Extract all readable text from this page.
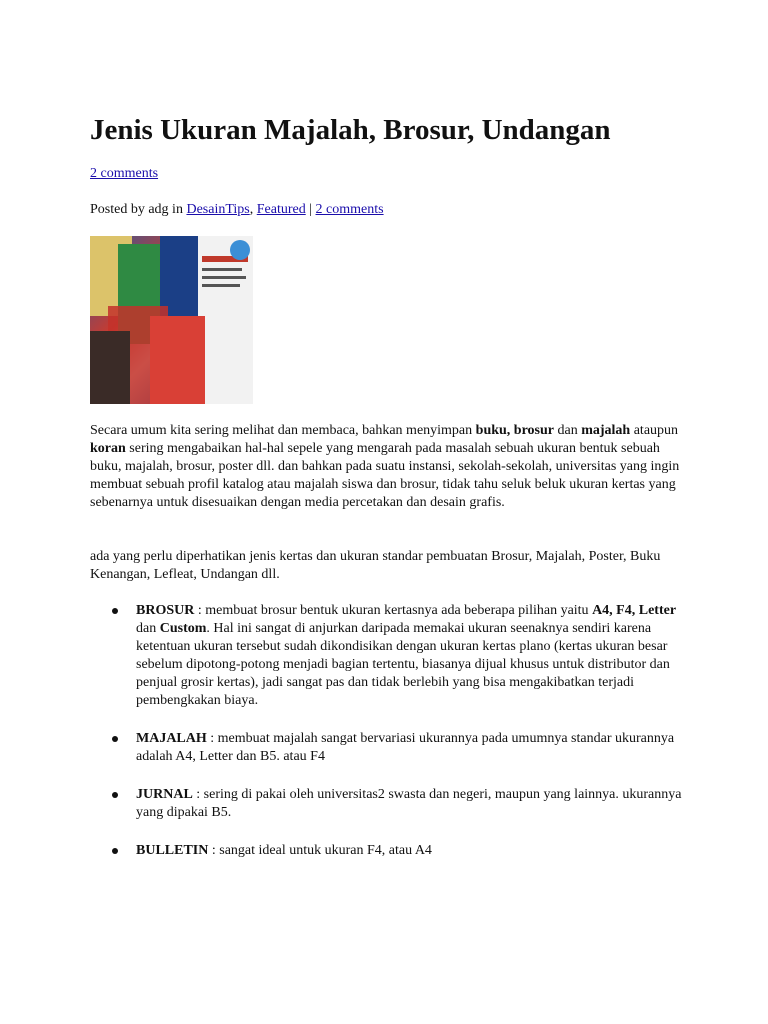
Jenis Ukuran Majalah, Brosur, Undangan
2 comments
Posted by adg in DesainTips, Featured | 2 comments

Secara umum kita sering melihat dan membaca, bahkan menyimpan buku, brosur dan majalah ataupun koran sering mengabaikan hal-hal sepele yang mengarah pada masalah sebuah ukuran bentuk sebuah buku, majalah, brosur, poster dll. dan bahkan pada suatu instansi, sekolah-sekolah, universitas yang ingin membuat sebuah profil katalog atau majalah siswa dan brosur, tidak tahu seluk beluk ukuran kertas yang sebenarnya untuk disesuaikan dengan media percetakan dan desain grafis.

ada yang perlu diperhatikan jenis kertas dan ukuran standar pembuatan Brosur, Majalah, Poster, Buku Kenangan, Lefleat, Undangan dll.

BROSUR : membuat brosur bentuk ukuran kertasnya ada beberapa pilihan yaitu A4, F4, Letter dan Custom. Hal ini sangat di anjurkan daripada memakai ukuran seenaknya sendiri karena ketentuan ukuran tersebut sudah dikondisikan dengan ukuran kertas plano (kertas ukuran besar sebelum dipotong-potong menjadi bagian tertentu, biasanya dijual khusus untuk distributor dan penjual grosir kertas), jadi sangat pas dan tidak berlebih yang bisa mengakibatkan terjadi pembengkakan biaya.
MAJALAH : membuat majalah sangat bervariasi ukurannya pada umumnya standar ukurannya adalah A4, Letter dan B5. atau F4
JURNAL : sering di pakai oleh universitas2 swasta dan negeri, maupun yang lainnya. ukurannya yang dipakai B5.
BULLETIN : sangat ideal untuk ukuran F4, atau A4
